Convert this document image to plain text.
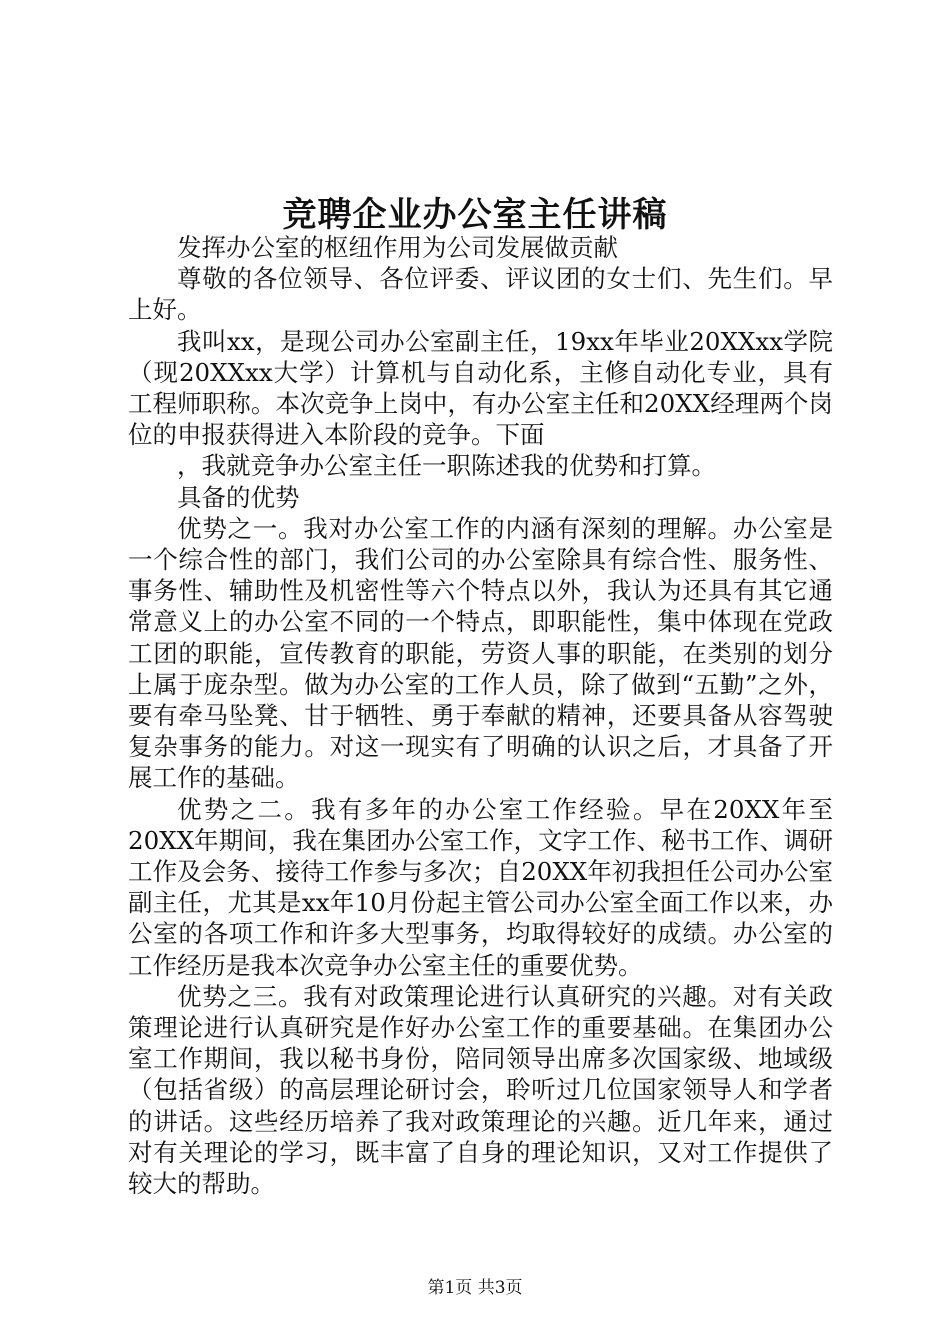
竞聘企业办公室主任讲稿

发挥办公室的枢纽作用为公司发展做贡献

尊敬的各位领导、各位评委、评议团的女士们、先生们。早上好。

我叫xx，是现公司办公室副主任，19xx年毕业20XXxx学院（现20XXxx大学）计算机与自动化系，主修自动化专业，具有工程师职称。本次竞争上岗中，有办公室主任和20XX经理两个岗位的申报获得进入本阶段的竞争。下面

，我就竞争办公室主任一职陈述我的优势和打算。

具备的优势

优势之一。我对办公室工作的内涵有深刻的理解。办公室是一个综合性的部门，我们公司的办公室除具有综合性、服务性、事务性、辅助性及机密性等六个特点以外，我认为还具有其它通常意义上的办公室不同的一个特点，即职能性，集中体现在党政工团的职能，宣传教育的职能，劳资人事的职能，在类别的划分上属于庞杂型。做为办公室的工作人员，除了做到“五勤”之外，要有牵马坠凳、甘于牺牲、勇于奉献的精神，还要具备从容驾驶复杂事务的能力。对这一现实有了明确的认识之后，才具备了开展工作的基础。

优势之二。我有多年的办公室工作经验。早在20XX年至20XX年期间，我在集团办公室工作，文字工作、秘书工作、调研工作及会务、接待工作参与多次；自20XX年初我担任公司办公室副主任，尤其是xx年10月份起主管公司办公室全面工作以来，办公室的各项工作和许多大型事务，均取得较好的成绩。办公室的工作经历是我本次竞争办公室主任的重要优势。

优势之三。我有对政策理论进行认真研究的兴趣。对有关政策理论进行认真研究是作好办公室工作的重要基础。在集团办公室工作期间，我以秘书身份，陪同领导出席多次国家级、地域级（包括省级）的高层理论研讨会，聆听过几位国家领导人和学者的讲话。这些经历培养了我对政策理论的兴趣。近几年来，通过对有关理论的学习，既丰富了自身的理论知识，又对工作提供了较大的帮助。

第1页 共3页
